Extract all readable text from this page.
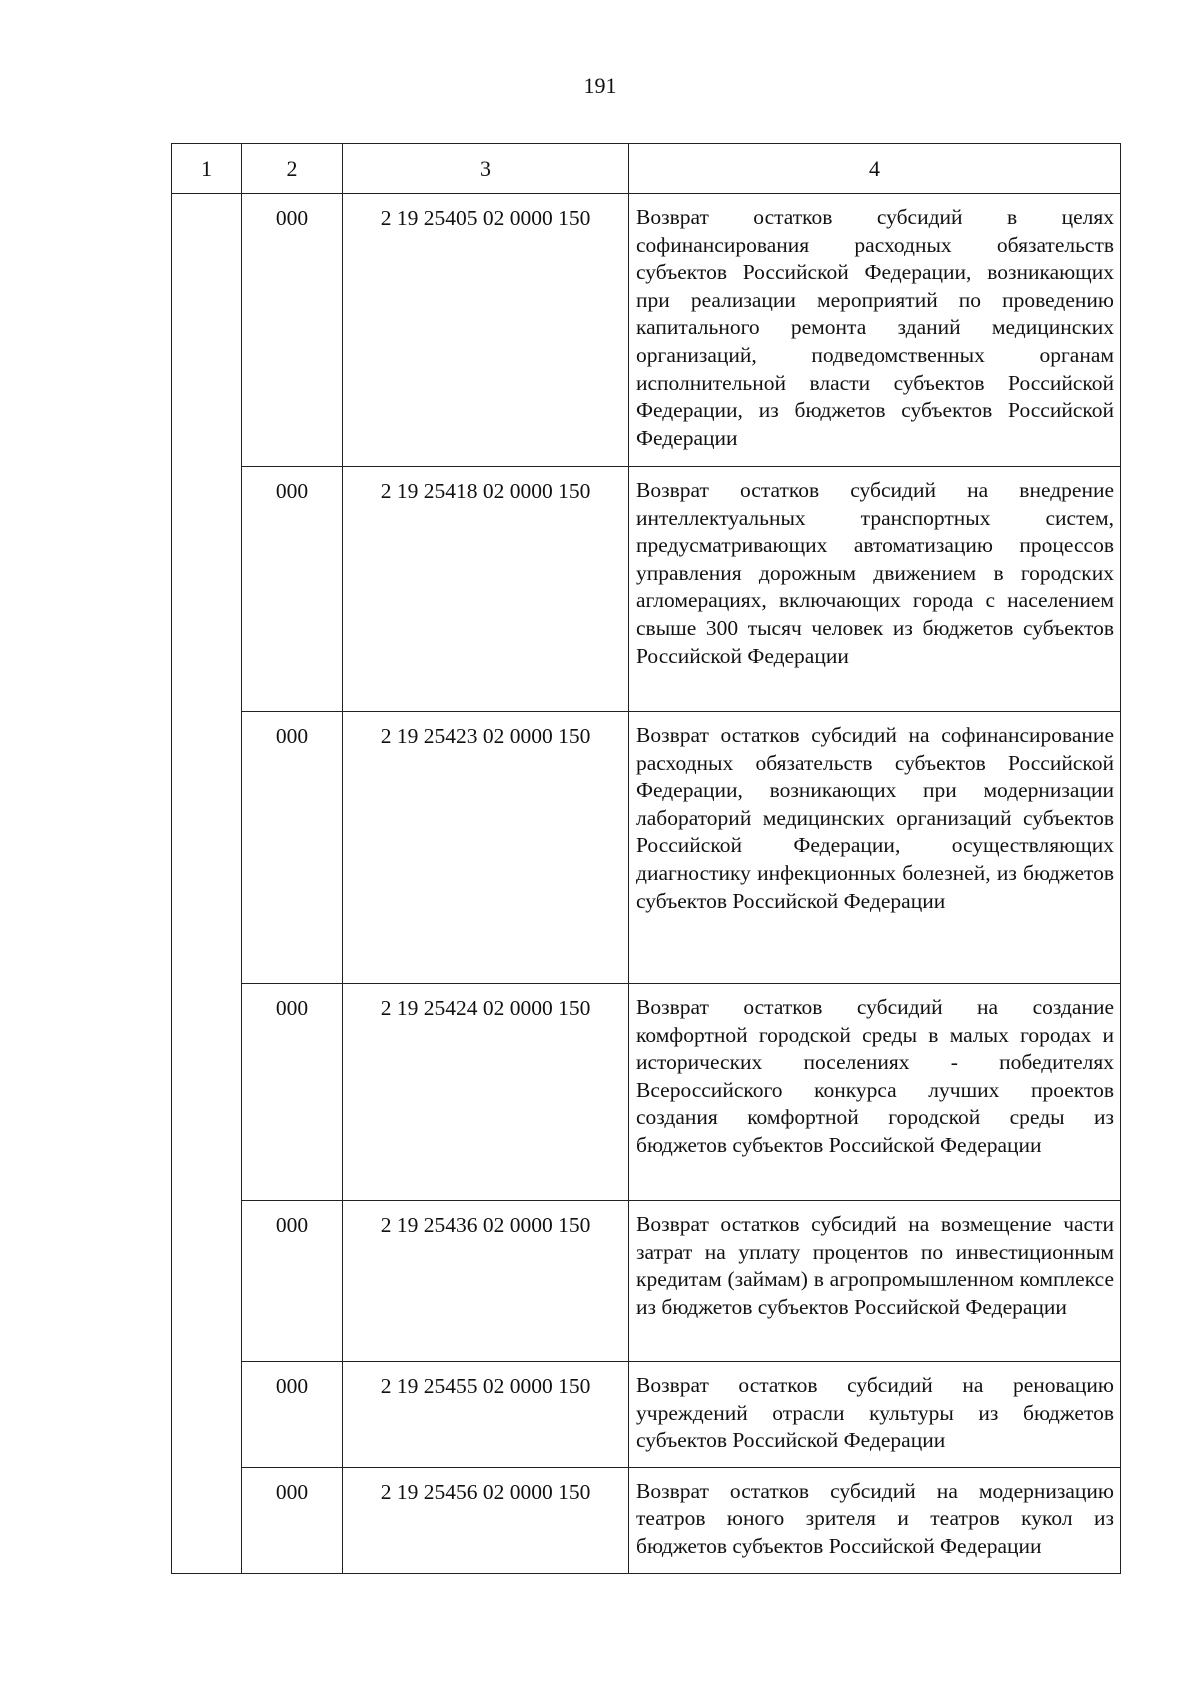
191
1	2	3	4
	000	2 19 25405 02 0000 150	Возврат остатков субсидий в целях софинансирования расходных обязательств субъектов Российской Федерации, возникающих при реализации мероприятий по проведению капитального ремонта зданий медицинских организаций, подведомственных органам исполнительной власти субъектов Российской Федерации, из бюджетов субъектов Российской Федерации

	000	2 19 25418 02 0000 150	Возврат остатков субсидий на внедрение интеллектуальных транспортных систем, предусматривающих автоматизацию процессов управления дорожным движением в городских агломерациях, включающих города с населением свыше 300 тысяч человек из бюджетов субъектов Российской Федерации

	000	2 19 25423 02 0000 150	Возврат остатков субсидий на софинансирование расходных обязательств субъектов Российской Федерации, возникающих при модернизации лабораторий медицинских организаций субъектов Российской Федерации, осуществляющих диагностику инфекционных болезней, из бюджетов субъектов Российской Федерации

	000	2 19 25424 02 0000 150	Возврат остатков субсидий на создание комфортной городской среды в малых городах и исторических поселениях - победителях Всероссийского конкурса лучших проектов создания комфортной городской среды из бюджетов субъектов Российской Федерации

	000	2 19 25436 02 0000 150	Возврат остатков субсидий на возмещение части затрат на уплату процентов по инвестиционным кредитам (займам) в агропромышленном комплексе из бюджетов субъектов Российской Федерации

	000	2 19 25455 02 0000 150	Возврат остатков субсидий на реновацию учреждений отрасли культуры из бюджетов субъектов Российской Федерации

	000	2 19 25456 02 0000 150	Возврат остатков субсидий на модернизацию театров юного зрителя и театров кукол из бюджетов субъектов Российской Федерации
